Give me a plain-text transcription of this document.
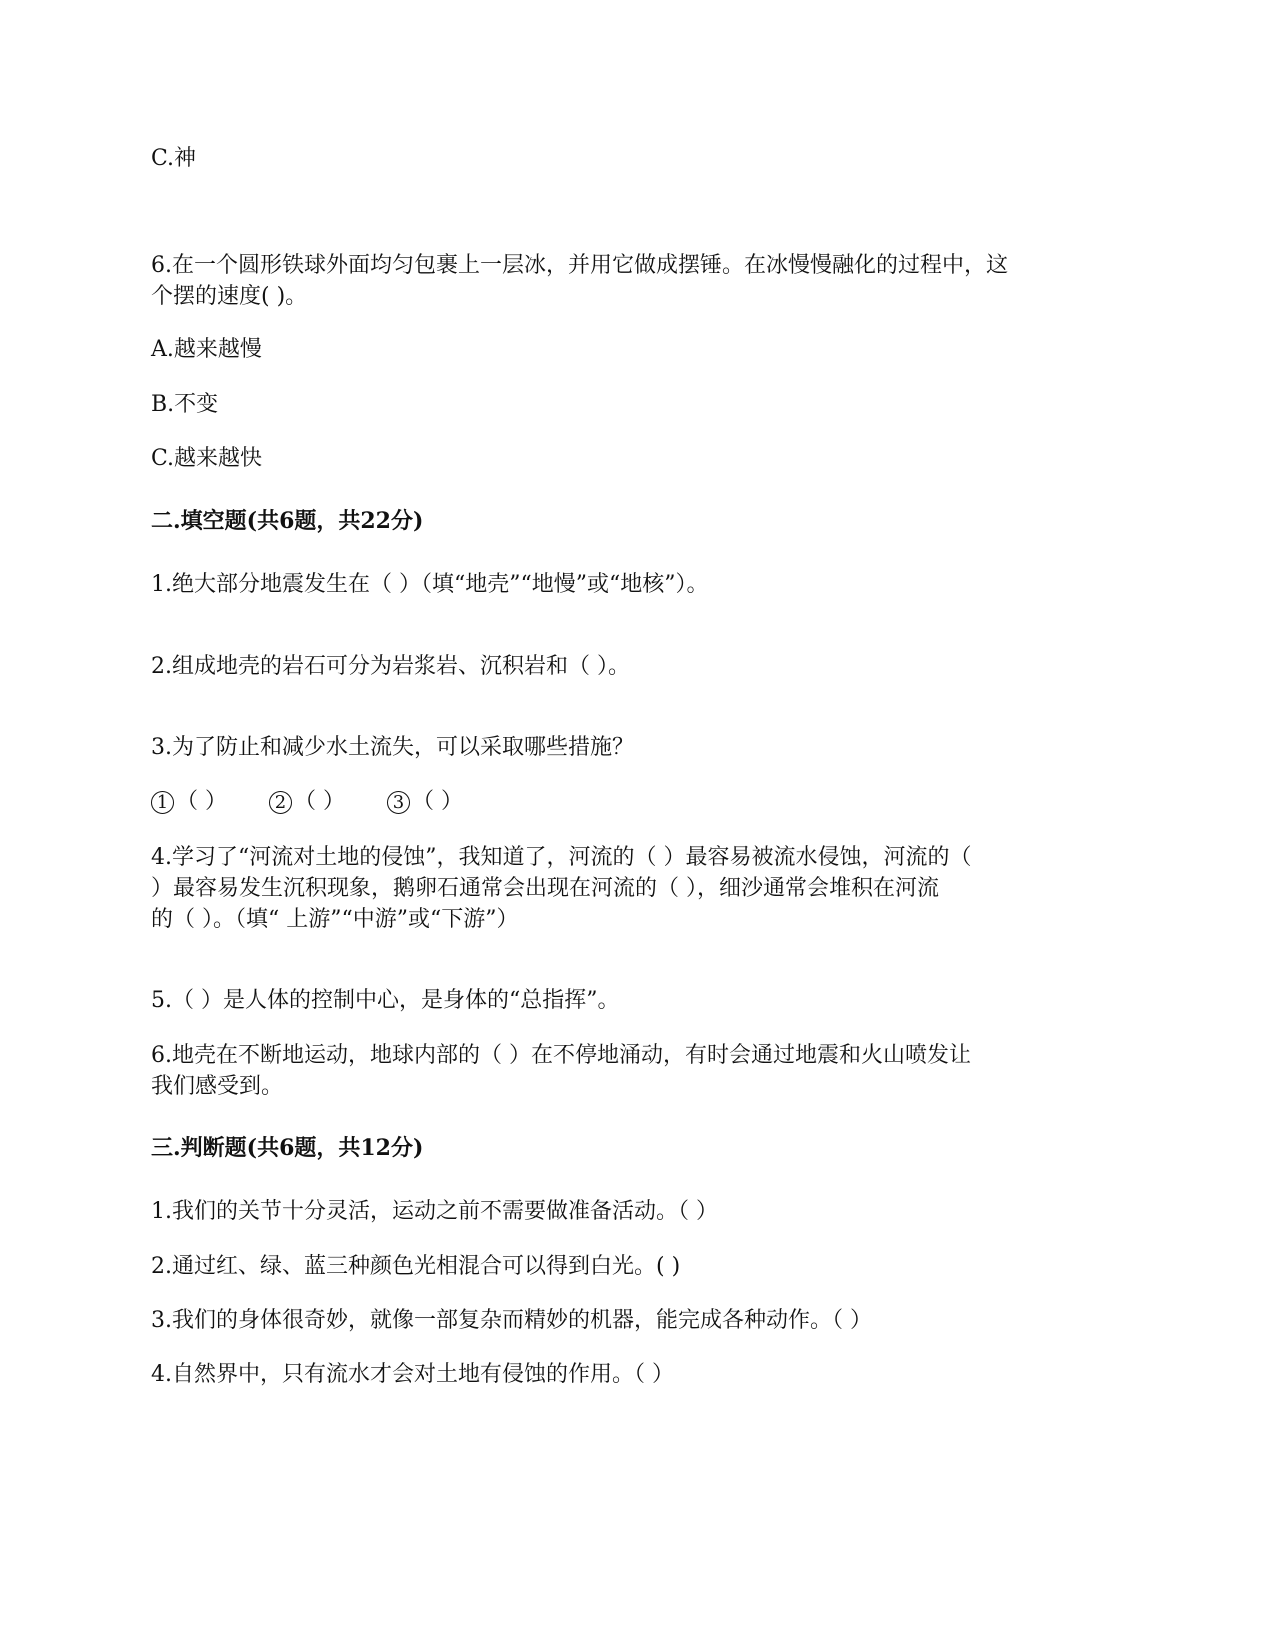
C.神
6.在一个圆形铁球外面均匀包裹上一层冰，并用它做成摆锤。在冰慢慢融化的过程中，这
个摆的速度( )。
A.越来越慢
B.不变
C.越来越快
二.填空题(共6题，共22分)
1.绝大部分地震发生在（ ）（填“地壳”“地慢”或“地核”）。
2.组成地壳的岩石可分为岩浆岩、沉积岩和（ ）。
3.为了防止和减少水土流失，可以采取哪些措施？
1 （ ）	2 （ ）	3 （ ）
4.学习了“河流对土地的侵蚀”，我知道了，河流的（ ）最容易被流水侵蚀，河流的（
）最容易发生沉积现象，鹅卵石通常会出现在河流的（ ），细沙通常会堆积在河流
的（ ）。（填“ 上游”“中游”或“下游”）
5.（ ）是人体的控制中心，是身体的“总指挥”。
6.地壳在不断地运动，地球内部的（ ）在不停地涌动，有时会通过地震和火山喷发让
我们感受到。
三.判断题(共6题，共12分)
1.我们的关节十分灵活，运动之前不需要做准备活动。（ ）
2.通过红、绿、蓝三种颜色光相混合可以得到白光。( )
3.我们的身体很奇妙，就像一部复杂而精妙的机器，能完成各种动作。（ ）
4.自然界中，只有流水才会对土地有侵蚀的作用。（ ）
